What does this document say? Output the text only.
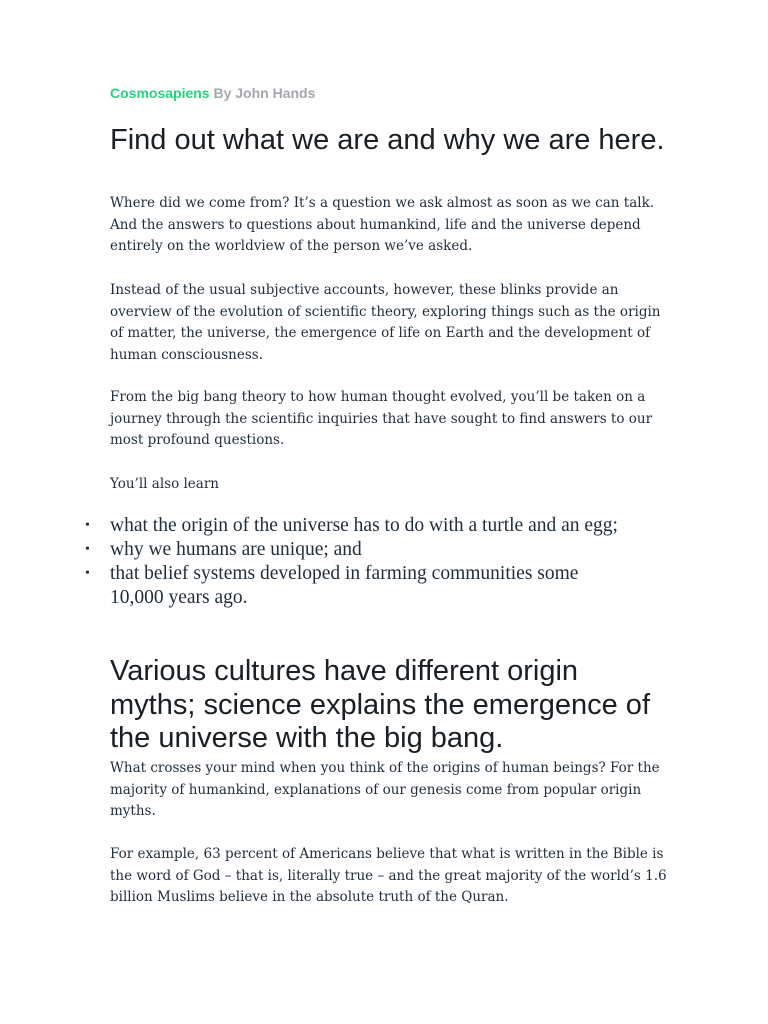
Cosmosapiens By John Hands
Find out what we are and why we are here.

Where did we come from? It’s a question we ask almost as soon as we can talk. And the answers to questions about humankind, life and the universe depend entirely on the worldview of the person we’ve asked.

Instead of the usual subjective accounts, however, these blinks provide an overview of the evolution of scientific theory, exploring things such as the origin of matter, the universe, the emergence of life on Earth and the development of human consciousness.

From the big bang theory to how human thought evolved, you’ll be taken on a journey through the scientific inquiries that have sought to find answers to our most profound questions.

You’ll also learn

• what the origin of the universe has to do with a turtle and an egg;
• why we humans are unique; and
• that belief systems developed in farming communities some 10,000 years ago.
Various cultures have different origin myths; science explains the emergence of the universe with the big bang.

What crosses your mind when you think of the origins of human beings? For the majority of humankind, explanations of our genesis come from popular origin myths.

For example, 63 percent of Americans believe that what is written in the Bible is the word of God – that is, literally true – and the great majority of the world’s 1.6 billion Muslims believe in the absolute truth of the Quran.
